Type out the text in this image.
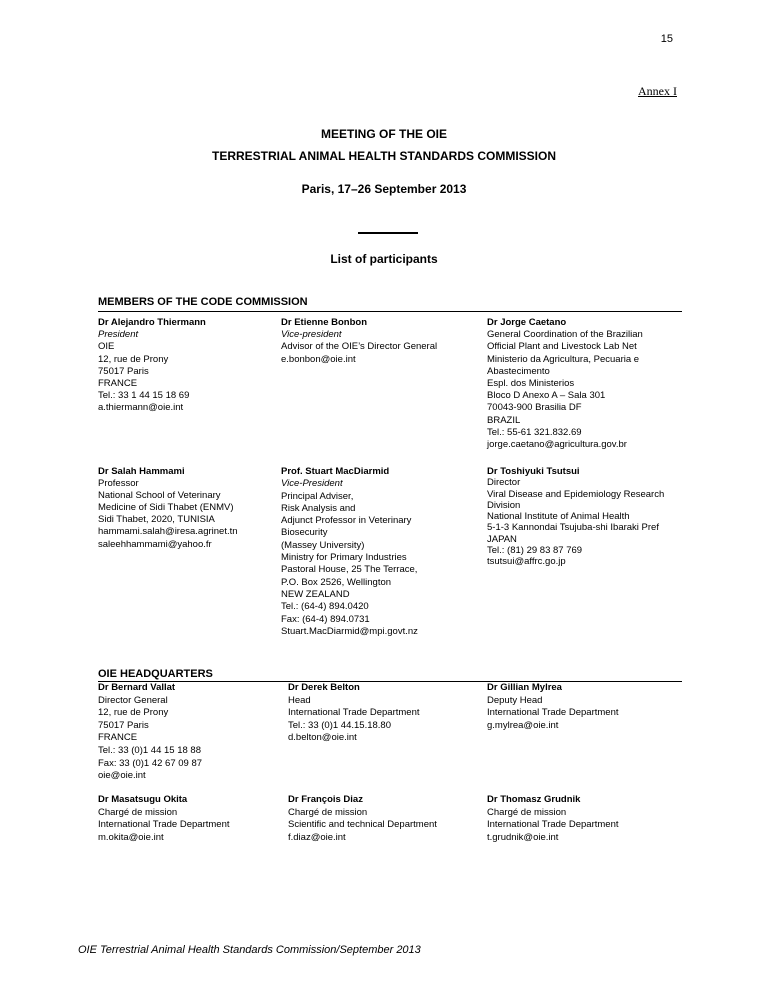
15
Annex I
MEETING OF THE OIE
TERRESTRIAL ANIMAL HEALTH STANDARDS COMMISSION
Paris, 17–26 September 2013
List of participants
MEMBERS OF THE CODE COMMISSION
Dr Alejandro Thiermann
President
OIE
12, rue de Prony
75017 Paris
FRANCE
Tel.: 33 1 44 15 18 69
a.thiermann@oie.int
Dr Etienne Bonbon
Vice-president
Advisor of the OIE’s Director General
e.bonbon@oie.int
Dr Jorge Caetano
General Coordination of the Brazilian
Official Plant and Livestock Lab Net
Ministerio da Agricultura, Pecuaria e
Abastecimento
Espl. dos Ministerios
Bloco D Anexo A – Sala 301
70043-900 Brasilia DF
BRAZIL
Tel.: 55-61 321.832.69
jorge.caetano@agricultura.gov.br
Dr Salah Hammami
Professor
National School of Veterinary
Medicine of Sidi Thabet (ENMV)
Sidi Thabet, 2020, TUNISIA
hammami.salah@iresa.agrinet.tn
saleehhammami@yahoo.fr
Prof. Stuart MacDiarmid
Vice-President
Principal Adviser,
Risk Analysis and
Adjunct Professor in Veterinary
Biosecurity
(Massey University)
Ministry for Primary Industries
Pastoral House, 25 The Terrace,
P.O. Box 2526, Wellington
NEW ZEALAND
Tel.: (64-4) 894.0420
Fax: (64-4) 894.0731
Stuart.MacDiarmid@mpi.govt.nz
Dr Toshiyuki Tsutsui
Director
Viral Disease and Epidemiology Research
Division
National Institute of Animal Health
5-1-3 Kannondai Tsujuba-shi Ibaraki Pref
JAPAN
Tel.: (81) 29 83 87 769
tsutsui@affrc.go.jp
OIE HEADQUARTERS
Dr Bernard Vallat
Director General
12, rue de Prony
75017 Paris
FRANCE
Tel.: 33 (0)1 44 15 18 88
Fax: 33 (0)1 42 67 09 87
oie@oie.int
Dr Derek Belton
Head
International Trade Department
Tel.: 33 (0)1 44.15.18.80
d.belton@oie.int
Dr Gillian Mylrea
Deputy Head
International Trade Department
g.mylrea@oie.int
Dr Masatsugu Okita
Chargé de mission
International Trade Department
m.okita@oie.int
Dr François Diaz
Chargé de mission
Scientific and technical Department
f.diaz@oie.int
Dr Thomasz Grudnik
Chargé de mission
International Trade Department
t.grudnik@oie.int
OIE Terrestrial Animal Health Standards Commission/September 2013
